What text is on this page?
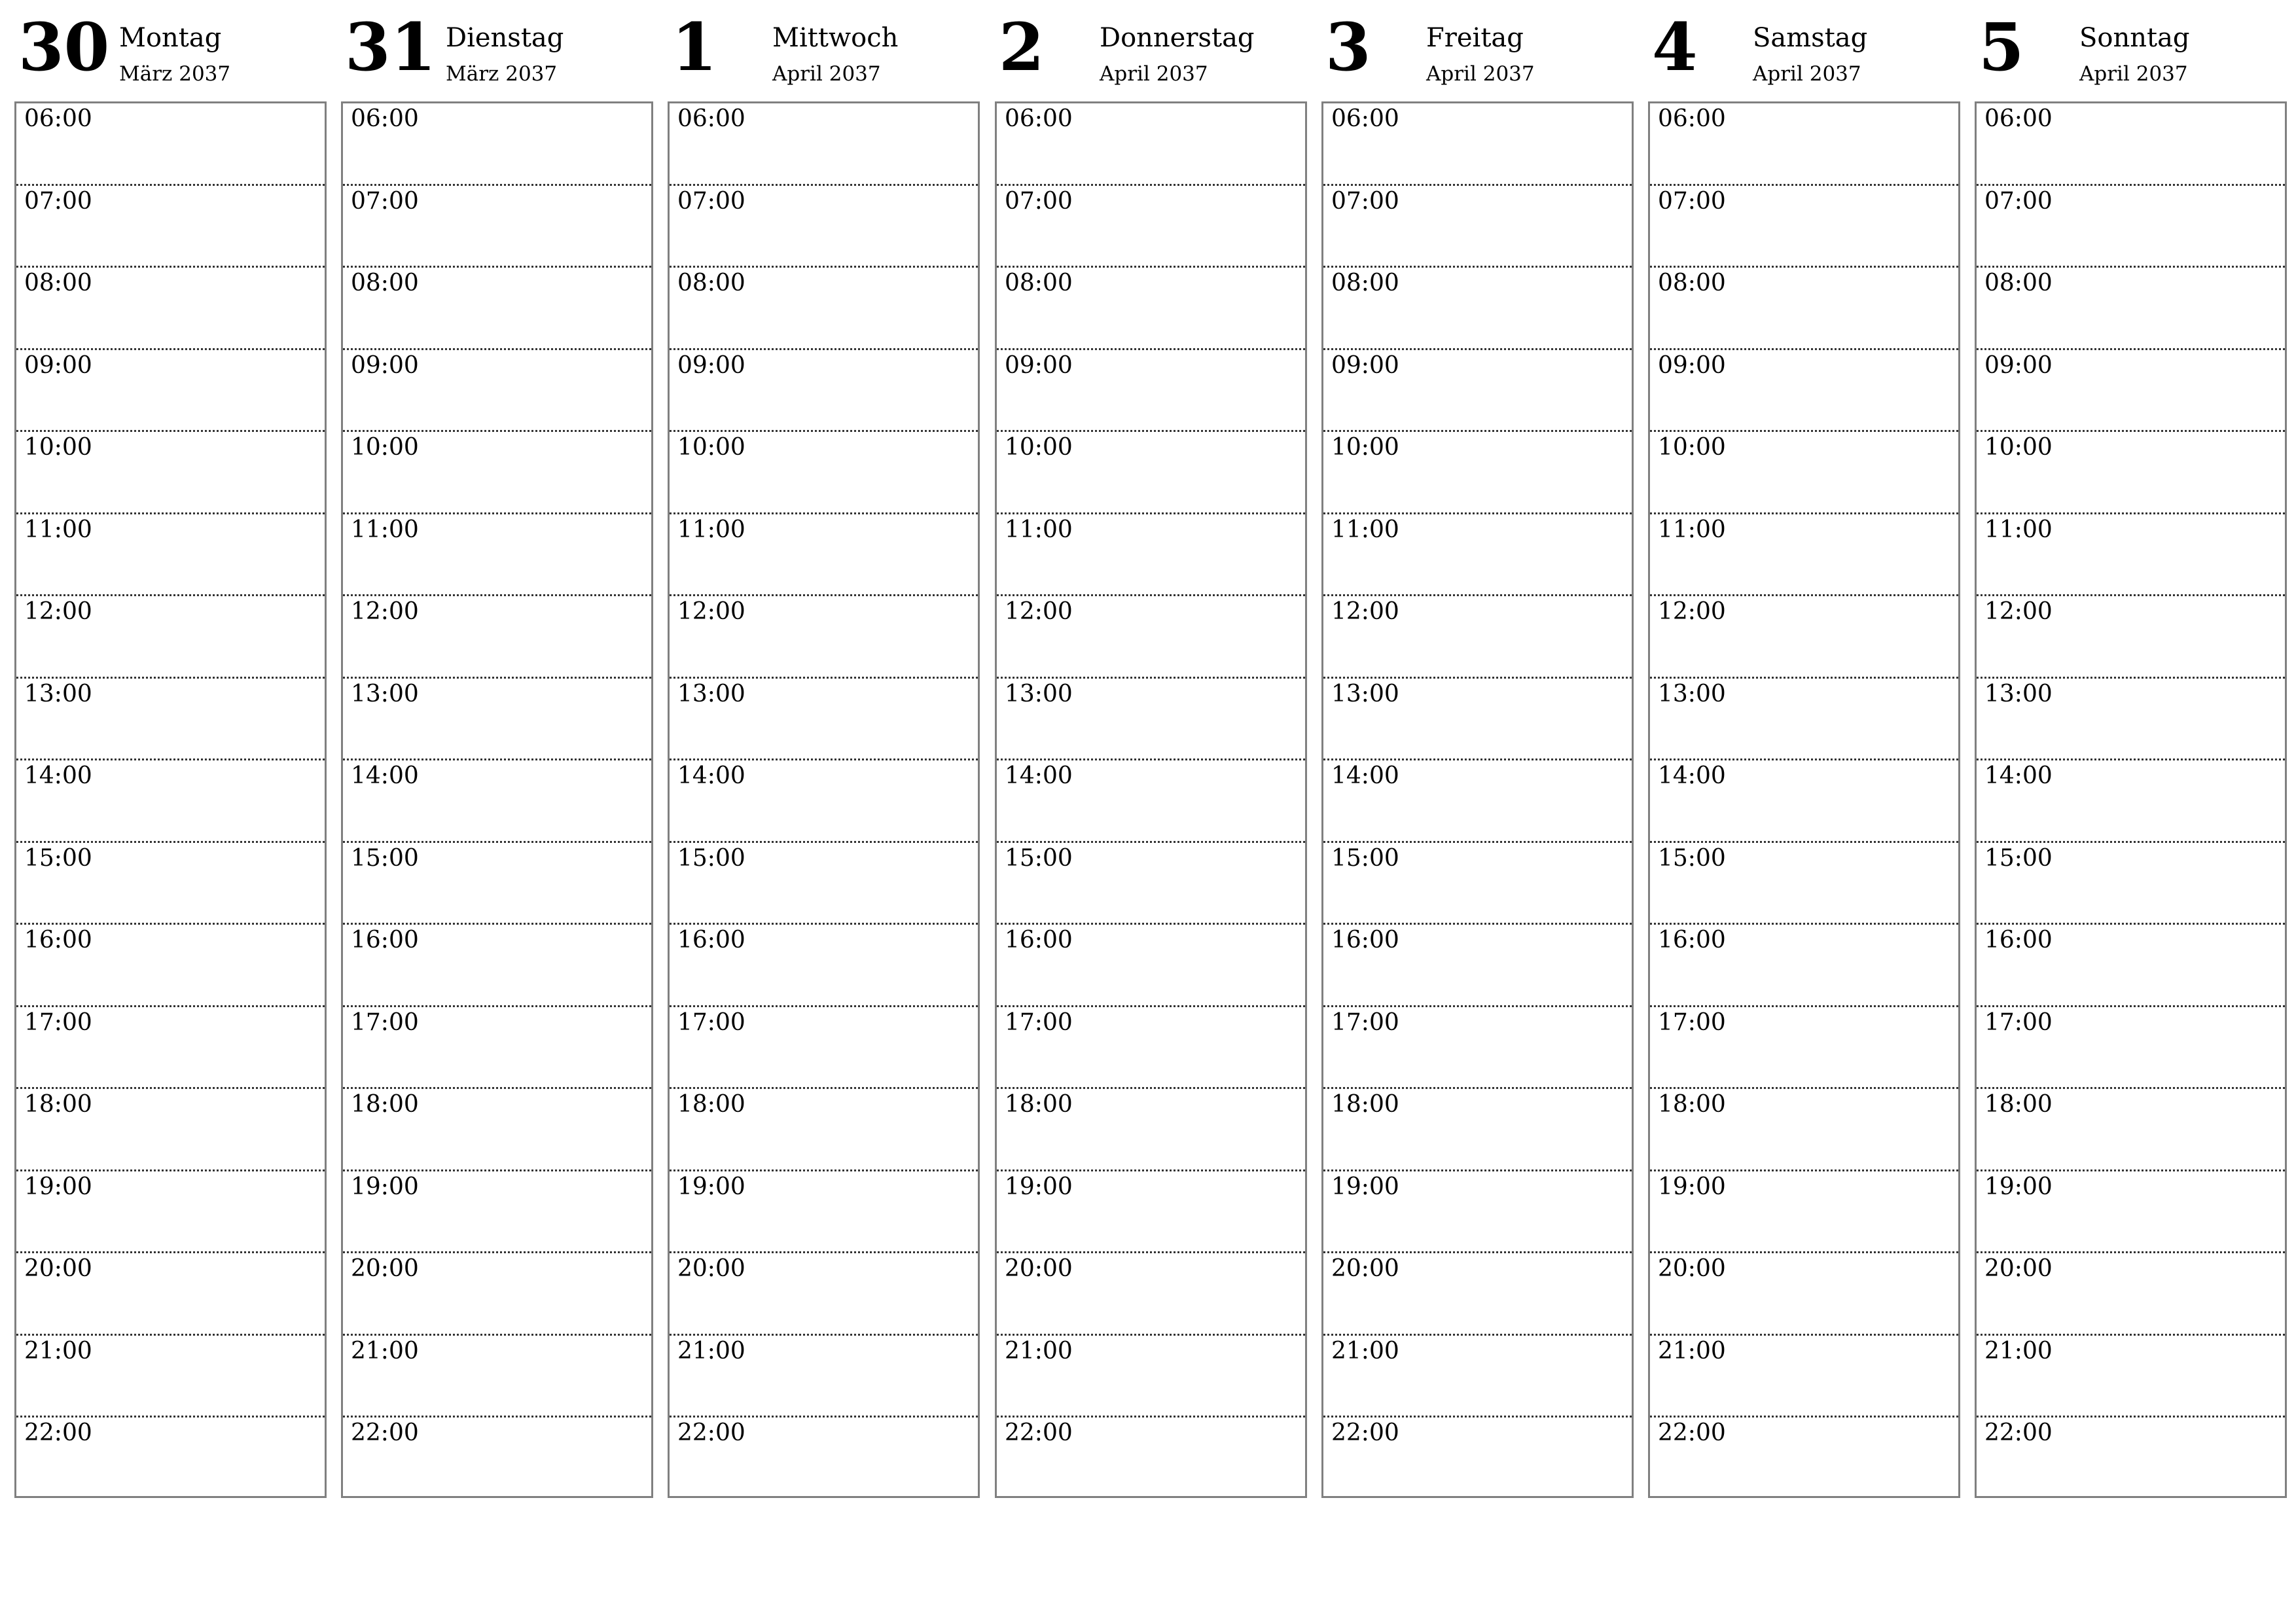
30 Montag
März 2037
06:00
07:00
08:00
09:00
10:00
11:00
12:00
13:00
14:00
15:00
16:00
17:00
18:00
19:00
20:00
21:00
22:00
31 Dienstag
März 2037
06:00
07:00
08:00
09:00
10:00
11:00
12:00
13:00
14:00
15:00
16:00
17:00
18:00
19:00
20:00
21:00
22:00
1 Mittwoch
April 2037
06:00
07:00
08:00
09:00
10:00
11:00
12:00
13:00
14:00
15:00
16:00
17:00
18:00
19:00
20:00
21:00
22:00
2 Donnerstag
April 2037
06:00
07:00
08:00
09:00
10:00
11:00
12:00
13:00
14:00
15:00
16:00
17:00
18:00
19:00
20:00
21:00
22:00
3 Freitag
April 2037
06:00
07:00
08:00
09:00
10:00
11:00
12:00
13:00
14:00
15:00
16:00
17:00
18:00
19:00
20:00
21:00
22:00
4 Samstag
April 2037
06:00
07:00
08:00
09:00
10:00
11:00
12:00
13:00
14:00
15:00
16:00
17:00
18:00
19:00
20:00
21:00
22:00
5 Sonntag
April 2037
06:00
07:00
08:00
09:00
10:00
11:00
12:00
13:00
14:00
15:00
16:00
17:00
18:00
19:00
20:00
21:00
22:00
